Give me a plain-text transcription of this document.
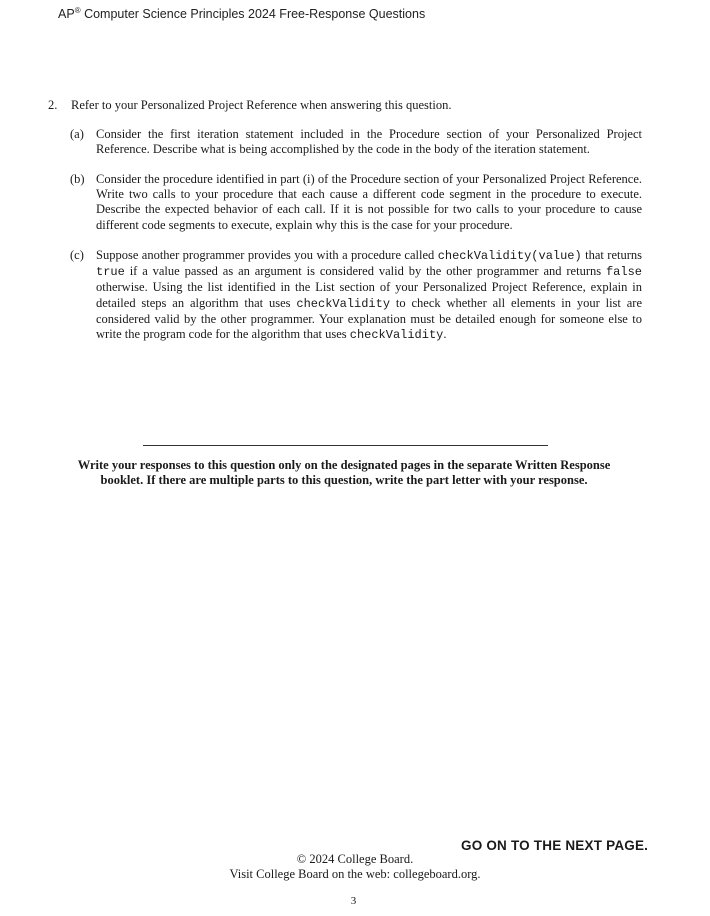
AP® Computer Science Principles 2024 Free-Response Questions
2. Refer to your Personalized Project Reference when answering this question.
(a) Consider the first iteration statement included in the Procedure section of your Personalized Project Reference. Describe what is being accomplished by the code in the body of the iteration statement.
(b) Consider the procedure identified in part (i) of the Procedure section of your Personalized Project Reference. Write two calls to your procedure that each cause a different code segment in the procedure to execute. Describe the expected behavior of each call. If it is not possible for two calls to your procedure to cause different code segments to execute, explain why this is the case for your procedure.
(c) Suppose another programmer provides you with a procedure called checkValidity(value) that returns true if a value passed as an argument is considered valid by the other programmer and returns false otherwise. Using the list identified in the List section of your Personalized Project Reference, explain in detailed steps an algorithm that uses checkValidity to check whether all elements in your list are considered valid by the other programmer. Your explanation must be detailed enough for someone else to write the program code for the algorithm that uses checkValidity.
Write your responses to this question only on the designated pages in the separate Written Response booklet. If there are multiple parts to this question, write the part letter with your response.
GO ON TO THE NEXT PAGE.
© 2024 College Board.
Visit College Board on the web: collegeboard.org.
3
